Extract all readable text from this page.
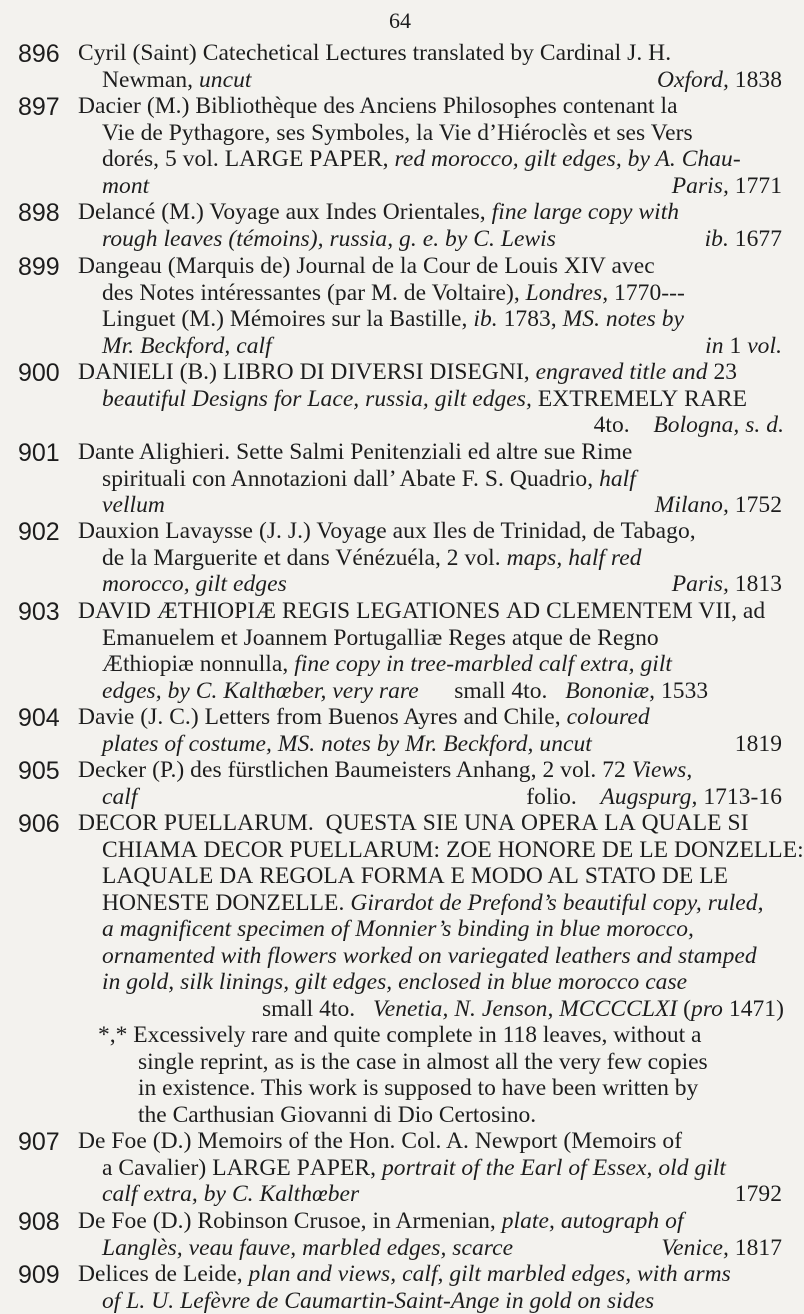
64
896 Cyril (Saint) Catechetical Lectures translated by Cardinal J. H.
Newman, uncut	Oxford, 1838
897 Dacier (M.) Bibliothèque des Anciens Philosophes contenant la
Vie de Pythagore, ses Symboles, la Vie d’Hiéroclès et ses Vers
dorés, 5 vol. LARGE PAPER, red morocco, gilt edges, by A. Chau-
mont	Paris, 1771
898 Delancé (M.) Voyage aux Indes Orientales, fine large copy with
rough leaves (témoins), russia, g. e. by C. Lewis	ib. 1677
899 Dangeau (Marquis de) Journal de la Cour de Louis XIV avec
des Notes intéressantes (par M. de Voltaire), Londres, 1770--‑
Linguet (M.) Mémoires sur la Bastille, ib. 1783, MS. notes by
Mr. Beckford, calf	in 1 vol.
900 DANIELI (B.) LIBRO DI DIVERSI DISEGNI, engraved title and 23
beautiful Designs for Lace, russia, gilt edges, EXTREMELY RARE
4to.    Bologna, s. d.
901 Dante Alighieri. Sette Salmi Penitenziali ed altre sue Rime
spirituali con Annotazioni dall’ Abate F. S. Quadrio, half
vellum	Milano, 1752
902 Dauxion Lavaysse (J. J.) Voyage aux Iles de Trinidad, de Tabago,
de la Marguerite et dans Vénézuéla, 2 vol. maps, half red
morocco, gilt edges	Paris, 1813
903 DAVID ÆTHIOPIÆ REGIS LEGATIONES AD CLEMENTEM VII, ad
Emanuelem et Joannem Portugalliæ Reges atque de Regno
Æthiopiæ nonnulla, fine copy in tree-marbled calf extra, gilt
edges, by C. Kalthœber, very rare      small 4to.   Bononiæ, 1533
904 Davie (J. C.) Letters from Buenos Ayres and Chile, coloured
plates of costume, MS. notes by Mr. Beckford, uncut	1819
905 Decker (P.) des fürstlichen Baumeisters Anhang, 2 vol. 72 Views,
calf	folio.    Augspurg, 1713-16
906 DECOR PUELLARUM.  QUESTA SIE UNA OPERA LA QUALE SI
CHIAMA DECOR PUELLARUM: ZOE HONORE DE LE DONZELLE:
LAQUALE DA REGOLA FORMA E MODO AL STATO DE LE
HONESTE DONZELLE. Girardot de Prefond’s beautiful copy, ruled,
a magnificent specimen of Monnier’s binding in blue morocco,
ornamented with flowers worked on variegated leathers and stamped
in gold, silk linings, gilt edges, enclosed in blue morocco case
small 4to.   Venetia, N. Jenson, MCCCCLXI (pro 1471)
*,* Excessively rare and quite complete in 118 leaves, without a
single reprint, as is the case in almost all the very few copies
in existence. This work is supposed to have been written by
the Carthusian Giovanni di Dio Certosino.
907 De Foe (D.) Memoirs of the Hon. Col. A. Newport (Memoirs of
a Cavalier) LARGE PAPER, portrait of the Earl of Essex, old gilt
calf extra, by C. Kalthœber	1792
908 De Foe (D.) Robinson Crusoe, in Armenian, plate, autograph of
Langlès, veau fauve, marbled edges, scarce	Venice, 1817
909 Delices de Leide, plan and views, calf, gilt marbled edges, with arms
of L. U. Lefèvre de Caumartin-Saint-Ange in gold on sides
